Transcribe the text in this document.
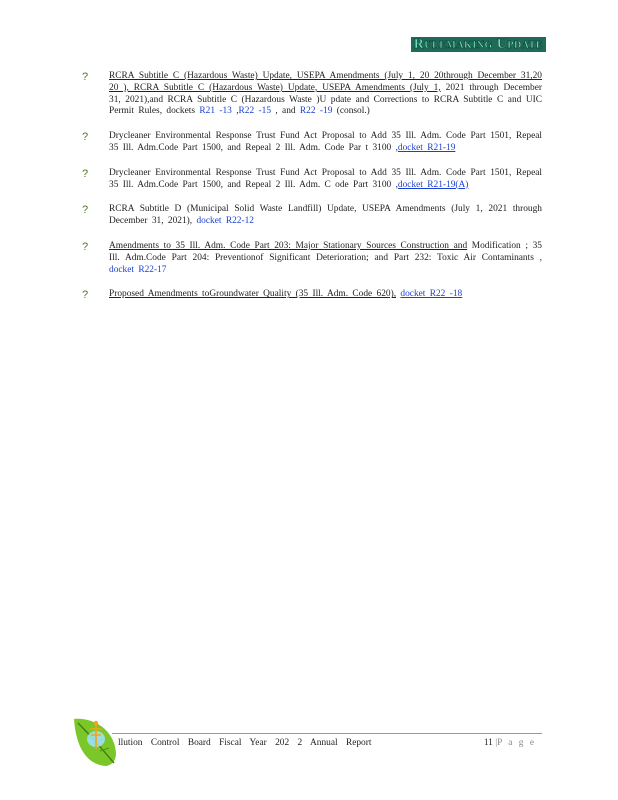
Rulemaking Update
? RCRA Subtitle C (Hazardous Waste) Update, USEPA Amendments (July 1, 20 20through December 31,20 20 ), RCRA Subtitle C (Hazardous Waste) Update, USEPA Amendments (July 1, 2021 through December 31, 2021),and RCRA Subtitle C (Hazardous Waste )U pdate and Corrections to RCRA Subtitle C and UIC Permit Rules, dockets R21 -13 ,R22 -15 , and R22 -19 (consol.)
? Drycleaner Environmental Response Trust Fund Act Proposal to Add 35 Ill. Adm. Code Part 1501, Repeal 35 Ill. Adm.Code Part 1500, and Repeal 2 Ill. Adm. Code Par t 3100 ,docket R21-19
? Drycleaner Environmental Response Trust Fund Act Proposal to Add 35 Ill. Adm. Code Part 1501, Repeal 35 Ill. Adm.Code Part 1500, and Repeal 2 Ill. Adm. C ode Part 3100 ,docket R21-19(A)
? RCRA Subtitle D (Municipal Solid Waste Landfill) Update, USEPA Amendments (July 1, 2021 through December 31, 2021), docket R22-12
? Amendments to 35 Ill. Adm. Code Part 203: Major Stationary Sources Construction and Modification ; 35 Ill. Adm.Code Part 204: Preventionof Significant Deterioration; and Part 232: Toxic Air Contaminants , docket R22-17
? Proposed Amendments toGroundwater Quality (35 Ill. Adm. Code 620), docket R22 -18
llution Control Board Fiscal Year 202 2 Annual Report	11 |P a g e
